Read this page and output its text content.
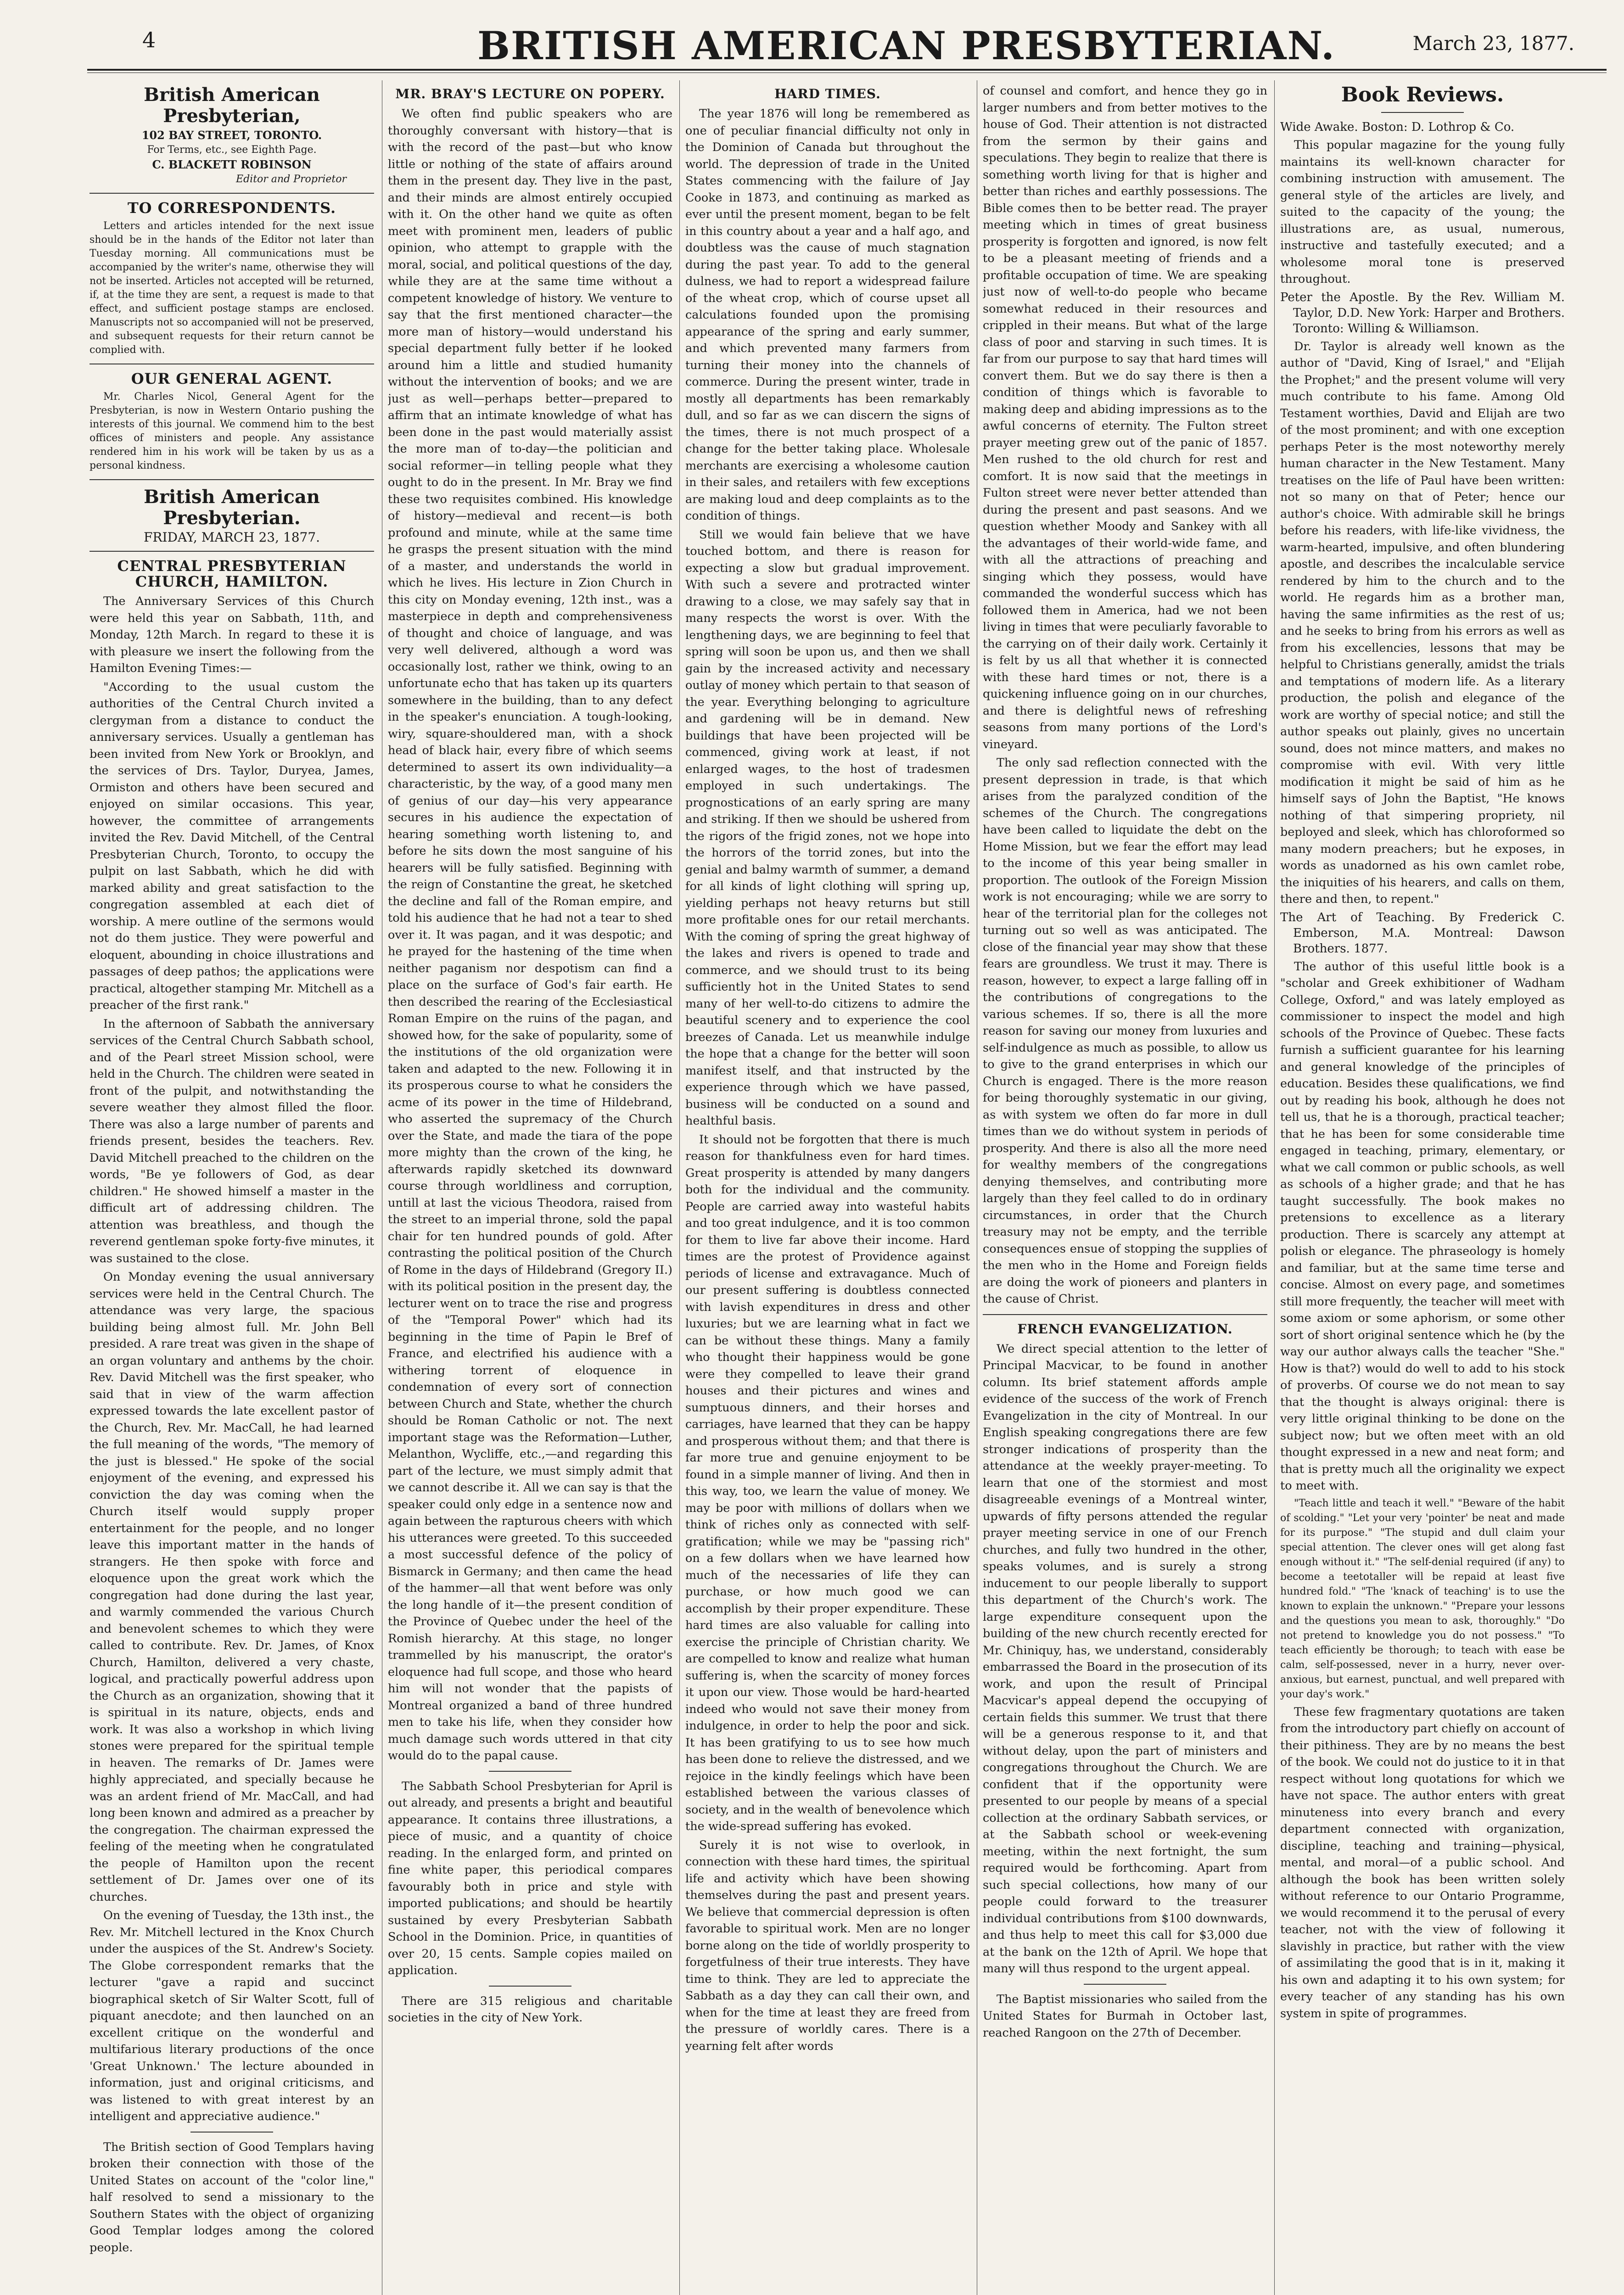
4	BRITISH AMERICAN PRESBYTERIAN.	March 23, 1877.
British American Presbyterian,
102 BAY STREET, TORONTO.
For Terms, etc., see Eighth Page.
C. BLACKETT ROBINSON
Editor and Proprietor
TO CORRESPONDENTS.

Letters and articles intended for the next issue should be in the hands of the Editor not later than Tuesday morning. All communications must be accompanied by the writer's name, otherwise they will not be inserted. Articles not accepted will be returned, if, at the time they are sent, a request is made to that effect, and sufficient postage stamps are enclosed. Manuscripts not so accompanied will not be preserved, and subsequent requests for their return cannot be complied with.

OUR GENERAL AGENT.

Mr. Charles Nicol, General Agent for the Presbyterian, is now in Western Ontario pushing the interests of this journal. We commend him to the best offices of ministers and people. Any assistance rendered him in his work will be taken by us as a personal kindness.

British American Presbyterian.
FRIDAY, MARCH 23, 1877.
CENTRAL PRESBYTERIAN CHURCH, HAMILTON.

The Anniversary Services of this Church were held this year on Sabbath, 11th, and Monday, 12th March. In regard to these it is with pleasure we insert the following from the Hamilton Evening Times:—

"According to the usual custom the authorities of the Central Church invited a clergyman from a distance to conduct the anniversary services. Usually a gentleman has been invited from New York or Brooklyn, and the services of Drs. Taylor, Duryea, James, Ormiston and others have been secured and enjoyed on similar occasions. This year, however, the committee of arrangements invited the Rev. David Mitchell, of the Central Presbyterian Church, Toronto, to occupy the pulpit on last Sabbath, which he did with marked ability and great satisfaction to the congregation assembled at each diet of worship. A mere outline of the sermons would not do them justice. They were powerful and eloquent, abounding in choice illustrations and passages of deep pathos; the applications were practical, altogether stamping Mr. Mitchell as a preacher of the first rank."

In the afternoon of Sabbath the anniversary services of the Central Church Sabbath school, and of the Pearl street Mission school, were held in the Church. The children were seated in front of the pulpit, and notwithstanding the severe weather they almost filled the floor. There was also a large number of parents and friends present, besides the teachers. Rev. David Mitchell preached to the children on the words, "Be ye followers of God, as dear children." He showed himself a master in the difficult art of addressing children. The attention was breathless, and though the reverend gentleman spoke forty-five minutes, it was sustained to the close.

On Monday evening the usual anniversary services were held in the Central Church. The attendance was very large, the spacious building being almost full. Mr. John Bell presided. A rare treat was given in the shape of an organ voluntary and anthems by the choir. Rev. David Mitchell was the first speaker, who said that in view of the warm affection expressed towards the late excellent pastor of the Church, Rev. Mr. MacCall, he had learned the full meaning of the words, "The memory of the just is blessed." He spoke of the social enjoyment of the evening, and expressed his conviction the day was coming when the Church itself would supply proper entertainment for the people, and no longer leave this important matter in the hands of strangers. He then spoke with force and eloquence upon the great work which the congregation had done during the last year, and warmly commended the various Church and benevolent schemes to which they were called to contribute. Rev. Dr. James, of Knox Church, Hamilton, delivered a very chaste, logical, and practically powerful address upon the Church as an organization, showing that it is spiritual in its nature, objects, ends and work. It was also a workshop in which living stones were prepared for the spiritual temple in heaven. The remarks of Dr. James were highly appreciated, and specially because he was an ardent friend of Mr. MacCall, and had long been known and admired as a preacher by the congregation. The chairman expressed the feeling of the meeting when he congratulated the people of Hamilton upon the recent settlement of Dr. James over one of its churches.

On the evening of Tuesday, the 13th inst., the Rev. Mr. Mitchell lectured in the Knox Church under the auspices of the St. Andrew's Society. The Globe correspondent remarks that the lecturer "gave a rapid and succinct biographical sketch of Sir Walter Scott, full of piquant anecdote; and then launched on an excellent critique on the wonderful and multifarious literary productions of the once 'Great Unknown.' The lecture abounded in information, just and original criticisms, and was listened to with great interest by an intelligent and appreciative audience."

The British section of Good Templars having broken their connection with those of the United States on account of the "color line," half resolved to send a missionary to the Southern States with the object of organizing Good Templar lodges among the colored people.

MR. BRAY'S LECTURE ON POPERY.

We often find public speakers who are thoroughly conversant with history—that is with the record of the past—but who know little or nothing of the state of affairs around them in the present day. They live in the past, and their minds are almost entirely occupied with it. On the other hand we quite as often meet with prominent men, leaders of public opinion, who attempt to grapple with the moral, social, and political questions of the day, while they are at the same time without a competent knowledge of history. We venture to say that the first mentioned character—the more man of history—would understand his special department fully better if he looked around him a little and studied humanity without the intervention of books; and we are just as well—perhaps better—prepared to affirm that an intimate knowledge of what has been done in the past would materially assist the more man of to-day—the politician and social reformer—in telling people what they ought to do in the present. In Mr. Bray we find these two requisites combined. His knowledge of history—medieval and recent—is both profound and minute, while at the same time he grasps the present situation with the mind of a master, and understands the world in which he lives. His lecture in Zion Church in this city on Monday evening, 12th inst., was a masterpiece in depth and comprehensiveness of thought and choice of language, and was very well delivered, although a word was occasionally lost, rather we think, owing to an unfortunate echo that has taken up its quarters somewhere in the building, than to any defect in the speaker's enunciation. A tough-looking, wiry, square-shouldered man, with a shock head of black hair, every fibre of which seems determined to assert its own individuality—a characteristic, by the way, of a good many men of genius of our day—his very appearance secures in his audience the expectation of hearing something worth listening to, and before he sits down the most sanguine of his hearers will be fully satisfied. Beginning with the reign of Constantine the great, he sketched the decline and fall of the Roman empire, and told his audience that he had not a tear to shed over it. It was pagan, and it was despotic; and he prayed for the hastening of the time when neither paganism nor despotism can find a place on the surface of God's fair earth. He then described the rearing of the Ecclesiastical Roman Empire on the ruins of the pagan, and showed how, for the sake of popularity, some of the institutions of the old organization were taken and adapted to the new. Following it in its prosperous course to what he considers the acme of its power in the time of Hildebrand, who asserted the supremacy of the Church over the State, and made the tiara of the pope more mighty than the crown of the king, he afterwards rapidly sketched its downward course through worldliness and corruption, untill at last the vicious Theodora, raised from the street to an imperial throne, sold the papal chair for ten hundred pounds of gold. After contrasting the political position of the Church of Rome in the days of Hildebrand (Gregory II.) with its political position in the present day, the lecturer went on to trace the rise and progress of the "Temporal Power" which had its beginning in the time of Papin le Bref of France, and electrified his audience with a withering torrent of eloquence in condemnation of every sort of connection between Church and State, whether the church should be Roman Catholic or not. The next important stage was the Reformation—Luther, Melanthon, Wycliffe, etc.,—and regarding this part of the lecture, we must simply admit that we cannot describe it. All we can say is that the speaker could only edge in a sentence now and again between the rapturous cheers with which his utterances were greeted. To this succeeded a most successful defence of the policy of Bismarck in Germany; and then came the head of the hammer—all that went before was only the long handle of it—the present condition of the Province of Quebec under the heel of the Romish hierarchy. At this stage, no longer trammelled by his manuscript, the orator's eloquence had full scope, and those who heard him will not wonder that the papists of Montreal organized a band of three hundred men to take his life, when they consider how much damage such words uttered in that city would do to the papal cause.

The Sabbath School Presbyterian for April is out already, and presents a bright and beautiful appearance. It contains three illustrations, a piece of music, and a quantity of choice reading. In the enlarged form, and printed on fine white paper, this periodical compares favourably both in price and style with imported publications; and should be heartily sustained by every Presbyterian Sabbath School in the Dominion. Price, in quantities of over 20, 15 cents. Sample copies mailed on application.

There are 315 religious and charitable societies in the city of New York.

HARD TIMES.

The year 1876 will long be remembered as one of peculiar financial difficulty not only in the Dominion of Canada but throughout the world. The depression of trade in the United States commencing with the failure of Jay Cooke in 1873, and continuing as marked as ever until the present moment, began to be felt in this country about a year and a half ago, and doubtless was the cause of much stagnation during the past year. To add to the general dulness, we had to report a widespread failure of the wheat crop, which of course upset all calculations founded upon the promising appearance of the spring and early summer, and which prevented many farmers from turning their money into the channels of commerce. During the present winter, trade in mostly all departments has been remarkably dull, and so far as we can discern the signs of the times, there is not much prospect of a change for the better taking place. Wholesale merchants are exercising a wholesome caution in their sales, and retailers with few exceptions are making loud and deep complaints as to the condition of things.

Still we would fain believe that we have touched bottom, and there is reason for expecting a slow but gradual improvement. With such a severe and protracted winter drawing to a close, we may safely say that in many respects the worst is over. With the lengthening days, we are beginning to feel that spring will soon be upon us, and then we shall gain by the increased activity and necessary outlay of money which pertain to that season of the year. Everything belonging to agriculture and gardening will be in demand. New buildings that have been projected will be commenced, giving work at least, if not enlarged wages, to the host of tradesmen employed in such undertakings. The prognostications of an early spring are many and striking. If then we should be ushered from the rigors of the frigid zones, not we hope into the horrors of the torrid zones, but into the genial and balmy warmth of summer, a demand for all kinds of light clothing will spring up, yielding perhaps not heavy returns but still more profitable ones for our retail merchants. With the coming of spring the great highway of the lakes and rivers is opened to trade and commerce, and we should trust to its being sufficiently hot in the United States to send many of her well-to-do citizens to admire the beautiful scenery and to experience the cool breezes of Canada. Let us meanwhile indulge the hope that a change for the better will soon manifest itself, and that instructed by the experience through which we have passed, business will be conducted on a sound and healthful basis.

It should not be forgotten that there is much reason for thankfulness even for hard times. Great prosperity is attended by many dangers both for the individual and the community. People are carried away into wasteful habits and too great indulgence, and it is too common for them to live far above their income. Hard times are the protest of Providence against periods of license and extravagance. Much of our present suffering is doubtless connected with lavish expenditures in dress and other luxuries; but we are learning what in fact we can be without these things. Many a family who thought their happiness would be gone were they compelled to leave their grand houses and their pictures and wines and sumptuous dinners, and their horses and carriages, have learned that they can be happy and prosperous without them; and that there is far more true and genuine enjoyment to be found in a simple manner of living. And then in this way, too, we learn the value of money. We may be poor with millions of dollars when we think of riches only as connected with self-gratification; while we may be "passing rich" on a few dollars when we have learned how much of the necessaries of life they can purchase, or how much good we can accomplish by their proper expenditure. These hard times are also valuable for calling into exercise the principle of Christian charity. We are compelled to know and realize what human suffering is, when the scarcity of money forces it upon our view. Those would be hard-hearted indeed who would not save their money from indulgence, in order to help the poor and sick. It has been gratifying to us to see how much has been done to relieve the distressed, and we rejoice in the kindly feelings which have been established between the various classes of society, and in the wealth of benevolence which the wide-spread suffering has evoked.

Surely it is not wise to overlook, in connection with these hard times, the spiritual life and activity which have been showing themselves during the past and present years. We believe that commercial depression is often favorable to spiritual work. Men are no longer borne along on the tide of worldly prosperity to forgetfulness of their true interests. They have time to think. They are led to appreciate the Sabbath as a day they can call their own, and when for the time at least they are freed from the pressure of worldly cares. There is a yearning felt after words

of counsel and comfort, and hence they go in larger numbers and from better motives to the house of God. Their attention is not distracted from the sermon by their gains and speculations. They begin to realize that there is something worth living for that is higher and better than riches and earthly possessions. The Bible comes then to be better read. The prayer meeting which in times of great business prosperity is forgotten and ignored, is now felt to be a pleasant meeting of friends and a profitable occupation of time. We are speaking just now of well-to-do people who became somewhat reduced in their resources and crippled in their means. But what of the large class of poor and starving in such times. It is far from our purpose to say that hard times will convert them. But we do say there is then a condition of things which is favorable to making deep and abiding impressions as to the awful concerns of eternity. The Fulton street prayer meeting grew out of the panic of 1857. Men rushed to the old church for rest and comfort. It is now said that the meetings in Fulton street were never better attended than during the present and past seasons. And we question whether Moody and Sankey with all the advantages of their world-wide fame, and with all the attractions of preaching and singing which they possess, would have commanded the wonderful success which has followed them in America, had we not been living in times that were peculiarly favorable to the carrying on of their daily work. Certainly it is felt by us all that whether it is connected with these hard times or not, there is a quickening influence going on in our churches, and there is delightful news of refreshing seasons from many portions of the Lord's vineyard.

The only sad reflection connected with the present depression in trade, is that which arises from the paralyzed condition of the schemes of the Church. The congregations have been called to liquidate the debt on the Home Mission, but we fear the effort may lead to the income of this year being smaller in proportion. The outlook of the Foreign Mission work is not encouraging; while we are sorry to hear of the territorial plan for the colleges not turning out so well as was anticipated. The close of the financial year may show that these fears are groundless. We trust it may. There is reason, however, to expect a large falling off in the contributions of congregations to the various schemes. If so, there is all the more reason for saving our money from luxuries and self-indulgence as much as possible, to allow us to give to the grand enterprises in which our Church is engaged. There is the more reason for being thoroughly systematic in our giving, as with system we often do far more in dull times than we do without system in periods of prosperity. And there is also all the more need for wealthy members of the congregations denying themselves, and contributing more largely than they feel called to do in ordinary circumstances, in order that the Church treasury may not be empty, and the terrible consequences ensue of stopping the supplies of the men who in the Home and Foreign fields are doing the work of pioneers and planters in the cause of Christ.

FRENCH EVANGELIZATION.

We direct special attention to the letter of Principal Macvicar, to be found in another column. Its brief statement affords ample evidence of the success of the work of French Evangelization in the city of Montreal. In our English speaking congregations there are few stronger indications of prosperity than the attendance at the weekly prayer-meeting. To learn that one of the stormiest and most disagreeable evenings of a Montreal winter, upwards of fifty persons attended the regular prayer meeting service in one of our French churches, and fully two hundred in the other, speaks volumes, and is surely a strong inducement to our people liberally to support this department of the Church's work. The large expenditure consequent upon the building of the new church recently erected for Mr. Chiniquy, has, we understand, considerably embarrassed the Board in the prosecution of its work, and upon the result of Principal Macvicar's appeal depend the occupying of certain fields this summer. We trust that there will be a generous response to it, and that without delay, upon the part of ministers and congregations throughout the Church. We are confident that if the opportunity were presented to our people by means of a special collection at the ordinary Sabbath services, or at the Sabbath school or week-evening meeting, within the next fortnight, the sum required would be forthcoming. Apart from such special collections, how many of our people could forward to the treasurer individual contributions from $100 downwards, and thus help to meet this call for $3,000 due at the bank on the 12th of April. We hope that many will thus respond to the urgent appeal.

The Baptist missionaries who sailed from the United States for Burmah in October last, reached Rangoon on the 27th of December.

Book Reviews.

Wide Awake. Boston: D. Lothrop & Co.

This popular magazine for the young fully maintains its well-known character for combining instruction with amusement. The general style of the articles are lively, and suited to the capacity of the young; the illustrations are, as usual, numerous, instructive and tastefully executed; and a wholesome moral tone is preserved throughout.

Peter the Apostle. By the Rev. William M. Taylor, D.D. New York: Harper and Brothers. Toronto: Willing & Williamson.

Dr. Taylor is already well known as the author of "David, King of Israel," and "Elijah the Prophet;" and the present volume will very much contribute to his fame. Among Old Testament worthies, David and Elijah are two of the most prominent; and with one exception perhaps Peter is the most noteworthy merely human character in the New Testament. Many treatises on the life of Paul have been written: not so many on that of Peter; hence our author's choice. With admirable skill he brings before his readers, with life-like vividness, the warm-hearted, impulsive, and often blundering apostle, and describes the incalculable service rendered by him to the church and to the world. He regards him as a brother man, having the same infirmities as the rest of us; and he seeks to bring from his errors as well as from his excellencies, lessons that may be helpful to Christians generally, amidst the trials and temptations of modern life. As a literary production, the polish and elegance of the work are worthy of special notice; and still the author speaks out plainly, gives no uncertain sound, does not mince matters, and makes no compromise with evil. With very little modification it might be said of him as he himself says of John the Baptist, "He knows nothing of that simpering propriety, nil beployed and sleek, which has chloroformed so many modern preachers; but he exposes, in words as unadorned as his own camlet robe, the iniquities of his hearers, and calls on them, there and then, to repent."

The Art of Teaching. By Frederick C. Emberson, M.A. Montreal: Dawson Brothers. 1877.

The author of this useful little book is a "scholar and Greek exhibitioner of Wadham College, Oxford," and was lately employed as commissioner to inspect the model and high schools of the Province of Quebec. These facts furnish a sufficient guarantee for his learning and general knowledge of the principles of education. Besides these qualifications, we find out by reading his book, although he does not tell us, that he is a thorough, practical teacher; that he has been for some considerable time engaged in teaching, primary, elementary, or what we call common or public schools, as well as schools of a higher grade; and that he has taught successfully. The book makes no pretensions to excellence as a literary production. There is scarcely any attempt at polish or elegance. The phraseology is homely and familiar, but at the same time terse and concise. Almost on every page, and sometimes still more frequently, the teacher will meet with some axiom or some aphorism, or some other sort of short original sentence which he (by the way our author always calls the teacher "She." How is that?) would do well to add to his stock of proverbs. Of course we do not mean to say that the thought is always original: there is very little original thinking to be done on the subject now; but we often meet with an old thought expressed in a new and neat form; and that is pretty much all the originality we expect to meet with.

"Teach little and teach it well." "Beware of the habit of scolding." "Let your very 'pointer' be neat and made for its purpose." "The stupid and dull claim your special attention. The clever ones will get along fast enough without it." "The self-denial required (if any) to become a teetotaller will be repaid at least five hundred fold." "The 'knack of teaching' is to use the known to explain the unknown." "Prepare your lessons and the questions you mean to ask, thoroughly." "Do not pretend to knowledge you do not possess." "To teach efficiently be thorough; to teach with ease be calm, self-possessed, never in a hurry, never over-anxious, but earnest, punctual, and well prepared with your day's work."

These few fragmentary quotations are taken from the introductory part chiefly on account of their pithiness. They are by no means the best of the book. We could not do justice to it in that respect without long quotations for which we have not space. The author enters with great minuteness into every branch and every department connected with organization, discipline, teaching and training—physical, mental, and moral—of a public school. And although the book has been written solely without reference to our Ontario Programme, we would recommend it to the perusal of every teacher, not with the view of following it slavishly in practice, but rather with the view of assimilating the good that is in it, making it his own and adapting it to his own system; for every teacher of any standing has his own system in spite of programmes.
